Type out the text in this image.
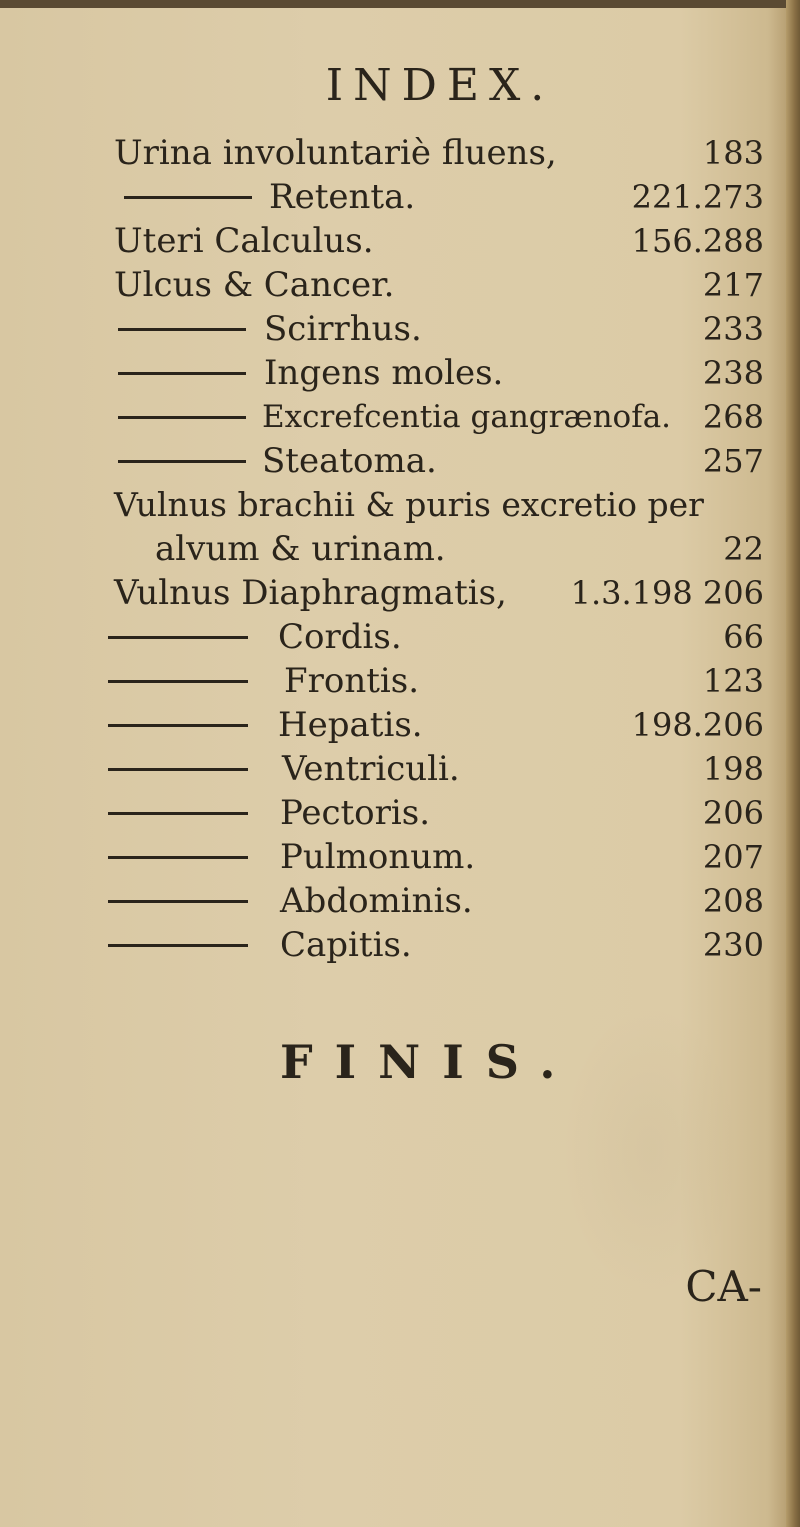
INDEX.
Urina involuntariè fluens,	183
Retenta.	221.273
Uteri Calculus.	156.288
Ulcus & Cancer.	217
Scirrhus.	233
Ingens moles.	238
Excrefcentia gangrænofa. 268
Steatoma.	257
Vulnus brachii & puris excretio per
alvum & urinam.	22
Vulnus Diaphragmatis, 1.3.198 206
Cordis.	66
Frontis.	123
Hepatis.	198.206
Ventriculi.	198
Pectoris.	206
Pulmonum.	207
Abdominis.	208
Capitis.	230
FINIS.
CA-
